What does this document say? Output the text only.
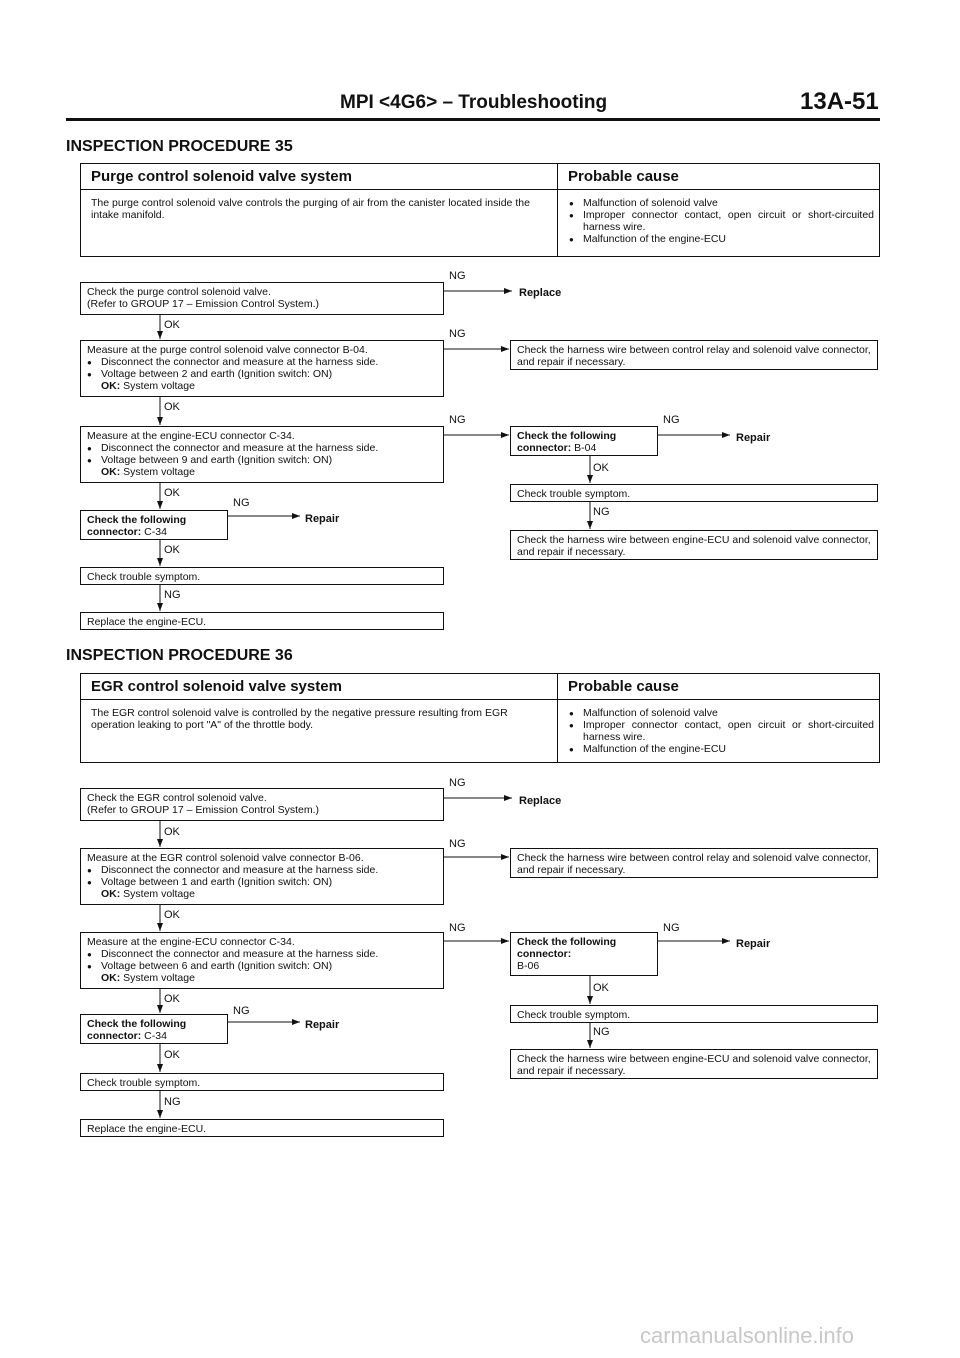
MPI <4G6> – Troubleshooting	13A-51
INSPECTION PROCEDURE 35
Purge control solenoid valve system	Probable cause
The purge control solenoid valve controls the purging of air from the canister located inside the intake manifold.
● Malfunction of solenoid valve
● Improper connector contact, open circuit or short-circuited harness wire.
● Malfunction of the engine-ECU
Check the purge control solenoid valve.
(Refer to GROUP 17 – Emission Control System.)
Measure at the purge control solenoid valve connector B-04.
● Disconnect the connector and measure at the harness side.
● Voltage between 2 and earth (Ignition switch: ON)
OK: System voltage
Measure at the engine-ECU connector C-34.
● Disconnect the connector and measure at the harness side.
● Voltage between 9 and earth (Ignition switch: ON)
OK: System voltage
Check the following
connector: C-34
Check trouble symptom.
Replace the engine-ECU.
Check the harness wire between control relay and solenoid valve connector, and repair if necessary.
Check the following
connector: B-04
Check trouble symptom.
Check the harness wire between engine-ECU and solenoid valve connector, and repair if necessary.
NG
Replace
OK
NG
OK
NG	NG
Repair
OK
OK
NG
Repair
NG
OK
NG
INSPECTION PROCEDURE 36
EGR control solenoid valve system	Probable cause
The EGR control solenoid valve is controlled by the negative pressure resulting from EGR operation leaking to port "A" of the throttle body.
● Malfunction of solenoid valve
● Improper connector contact, open circuit or short-circuited harness wire.
● Malfunction of the engine-ECU
Check the EGR control solenoid valve.
(Refer to GROUP 17 – Emission Control System.)
Measure at the EGR control solenoid valve connector B-06.
● Disconnect the connector and measure at the harness side.
● Voltage between 1 and earth (Ignition switch: ON)
OK: System voltage
Measure at the engine-ECU connector C-34.
● Disconnect the connector and measure at the harness side.
● Voltage between 6 and earth (Ignition switch: ON)
OK: System voltage
Check the following
connector: C-34
Check trouble symptom.
Replace the engine-ECU.
Check the harness wire between control relay and solenoid valve connector, and repair if necessary.
Check the following
connector:
B-06
Check trouble symptom.
Check the harness wire between engine-ECU and solenoid valve connector, and repair if necessary.
NG
Replace
OK
NG
OK
NG	NG
Repair
OK
OK
NG
Repair
NG
OK
NG
carmanualsonline.info
